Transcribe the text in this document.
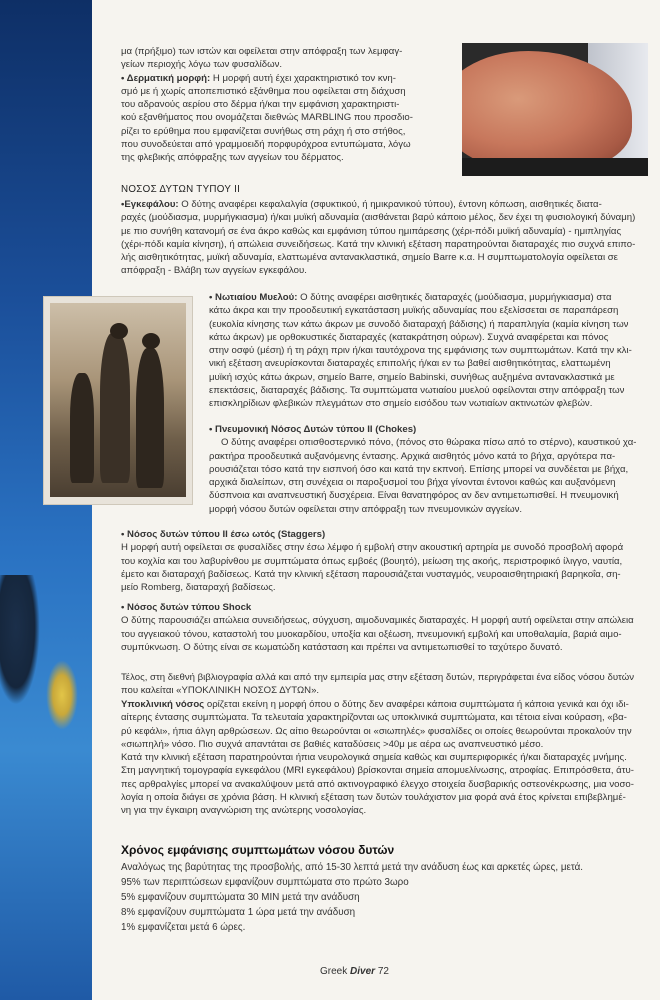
μα (πρήξιμο) των ιστών και οφείλεται στην απόφραξη των λεμφαγ-

γείων περιοχής λόγω των φυσαλίδων.

• Δερματική μορφή: Η μορφή αυτή έχει χαρακτηριστικό τον κνη-

σμό με ή χωρίς αποπεπιστικό εξάνθημα που οφείλεται στη διάχυση

του αδρανούς αερίου στο δέρμα ή/και την εμφάνιση χαρακτηριστι-

κού εξανθήματος που ονομάζεται διεθνώς MARBLING που προσδιο-

ρίζει το ερύθημα που εμφανίζεται συνήθως στη ράχη ή στο στήθος,

που συνοδεύεται από γραμμοειδή πορφυρόχροα εντυπώματα, λόγω

της φλεβικής απόφραξης των αγγείων του δέρματος.

ΝΟΣΟΣ ΔΥΤΩΝ ΤΥΠΟΥ II

•Εγκεφάλου: Ο δύτης αναφέρει κεφαλαλγία (σφυκτικού, ή ημικρανικού τύπου), έντονη κόπωση, αισθητικές διατα-

ραχές (μούδιασμα, μυρμήγκιασμα) ή/και μυϊκή αδυναμία (αισθάνεται βαρύ κάποιο μέλος, δεν έχει τη φυσιολογική δύναμη)

με πιο συνήθη κατανομή σε ένα άκρο καθώς και εμφάνιση τύπου ημιπάρεσης (χέρι-πόδι μυϊκή αδυναμία) - ημιπληγίας

(χέρι-πόδι καμία κίνηση), ή απώλεια συνειδήσεως. Κατά την κλινική εξέταση παρατηρούνται διαταραχές πιο συχνά επιπο-

λής αισθητικότητας, μυϊκή αδυναμία, ελαττωμένα αντανακλαστικά, σημείο Barre κ.α. Η συμπτωματολογία οφείλεται σε

απόφραξη - Βλάβη των αγγείων εγκεφάλου.

• Νωτιαίου Μυελού: Ο δύτης αναφέρει αισθητικές διαταραχές (μούδιασμα, μυρμήγκιασμα) στα

κάτω άκρα και την προοδευτική εγκατάσταση μυϊκής αδυναμίας που εξελίσσεται σε παραπάρεση

(ευκολία κίνησης των κάτω άκρων με συνοδό διαταραχή βάδισης) ή παραπληγία (καμία κίνηση των

κάτω άκρων) με ορθοκυστικές διαταραχές (κατακράτηση ούρων). Συχνά αναφέρεται και πόνος

στην οσφύ (μέση) ή τη ράχη πριν ή/και ταυτόχρονα της εμφάνισης των συμπτωμάτων. Κατά την κλι-

νική εξέταση ανευρίσκονται διαταραχές επιπολής ή/και εν τω βαθεί αισθητικότητας, ελαττωμένη

μυϊκή ισχύς κάτω άκρων, σημείο Barre, σημείο Babinski, συνήθως αυξημένα αντανακλαστικά με

επεκτάσεις, διαταραχές βάδισης. Τα συμπτώματα νωτιαίου μυελού οφείλονται στην απόφραξη των

επισκληρίδιων φλεβικών πλεγμάτων στο σημείο εισόδου των νωτιαίων ακτινωτών φλεβών.

• Πνευμονική Νόσος Δυτών τύπου II (Chokes)

Ο δύτης αναφέρει οπισθοστερνικό πόνο, (πόνος στο θώρακα πίσω από το στέρνο), καυστικού χα-

ρακτήρα προοδευτικά αυξανόμενης έντασης. Αρχικά αισθητός μόνο κατά το βήχα, αργότερα πα-

ρουσιάζεται τόσο κατά την εισπνοή όσο και κατά την εκπνοή. Επίσης μπορεί να συνδέεται με βήχα,

αρχικά διαλείπων, στη συνέχεια οι παροξυσμοί του βήχα γίνονται έντονοι καθώς και αυξανόμενη

δύσπνοια και αναπνευστική δυσχέρεια. Είναι θανατηφόρος αν δεν αντιμετωπισθεί. Η πνευμονική

μορφή νόσου δυτών οφείλεται στην απόφραξη των πνευμονικών αγγείων.

• Νόσος δυτών τύπου II έσω ωτός (Staggers)

Η μορφή αυτή οφείλεται σε φυσαλίδες στην έσω λέμφο ή εμβολή στην ακουστική αρτηρία με συνοδό προσβολή αφορά

του κοχλία και του λαβυρίνθου με συμπτώματα όπως εμβοές (βουητό), μείωση της ακοής, περιστροφικό ίλιγγο, ναυτία,

έμετο και διαταραχή βαδίσεως. Κατά την κλινική εξέταση παρουσιάζεται νυσταγμός, νευροαισθητηριακή βαρηκοΐα, ση-

μείο Romberg, διαταραχή βαδίσεως.

• Νόσος δυτών τύπου Shock

Ο δύτης παρουσιάζει απώλεια συνειδήσεως, σύγχυση, αιμοδυναμικές διαταραχές. Η μορφή αυτή οφείλεται στην απώλεια

του αγγειακού τόνου, καταστολή του μυοκαρδίου, υποξία και οξέωση, πνευμονική εμβολή και υποθαλαμία, βαριά αιμο-

συμπύκνωση. Ο δύτης είναι σε κωματώδη κατάσταση και πρέπει να αντιμετωπισθεί το ταχύτερο δυνατό.

Τέλος, στη διεθνή βιβλιογραφία αλλά και από την εμπειρία μας στην εξέταση δυτών, περιγράφεται ένα είδος νόσου δυτών

που καλείται «ΥΠΟΚΛΙΝΙΚΗ ΝΟΣΟΣ ΔΥΤΩΝ».

Υποκλινική νόσος ορίζεται εκείνη η μορφή όπου ο δύτης δεν αναφέρει κάποια συμπτώματα ή κάποια γενικά και όχι ιδι-

αίτερης έντασης συμπτώματα. Τα τελευταία χαρακτηρίζονται ως υποκλινικά συμπτώματα, και τέτοια είναι κούραση, «βα-

ρύ κεφάλι», ήπια άλγη αρθρώσεων. Ως αίτιο θεωρούνται οι «σιωπηλές» φυσαλίδες οι οποίες θεωρούνται προκαλούν την

«σιωπηλή» νόσο. Πιο συχνά απαντάται σε βαθιές καταδύσεις >40μ με αέρα ως αναπνευστικό μέσο.

Κατά την κλινική εξέταση παρατηρούνται ήπια νευρολογικά σημεία καθώς και συμπεριφορικές ή/και διαταραχές μνήμης.

Στη μαγνητική τομογραφία εγκεφάλου (MRI εγκεφάλου) βρίσκονται σημεία απομυελίνωσης, ατροφίας. Επιπρόσθετα, άτυ-

πες αρθραλγίες μπορεί να ανακαλύψουν μετά από ακτινογραφικό έλεγχο στοιχεία δυσβαρικής οστεονέκρωσης, μια νοσο-

λογία η οποία διάγει σε χρόνια βάση. Η κλινική εξέταση των δυτών τουλάχιστον μια φορά ανά έτος κρίνεται επιβεβλημέ-

νη για την έγκαιρη αναγνώριση της ανώτερης νοσολογίας.

Χρόνος εμφάνισης συμπτωμάτων νόσου δυτών

Αναλόγως της βαρύτητας της προσβολής, από 15-30 λεπτά μετά την ανάδυση έως και αρκετές ώρες, μετά.

95% των περιπτώσεων εμφανίζουν συμπτώματα στο πρώτο 3ωρο

5% εμφανίζουν συμπτώματα 30 MIN μετά την ανάδυση

8% εμφανίζουν συμπτώματα 1 ώρα μετά την ανάδυση

1% εμφανίζεται μετά 6 ώρες.

Greek Diver 72
